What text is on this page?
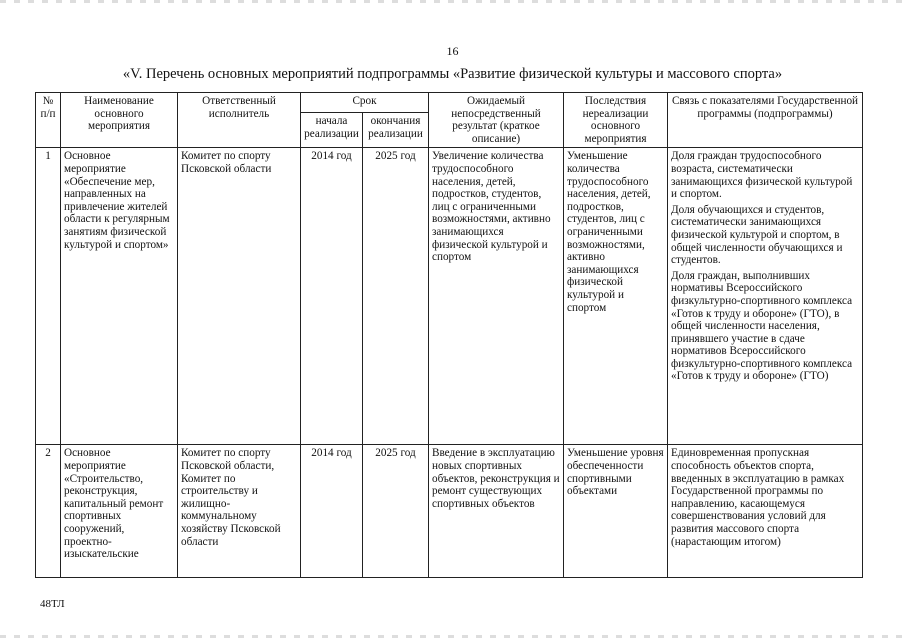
16
«V. Перечень основных мероприятий подпрограммы «Развитие физической культуры и массового спорта»
№ п/п	Наименование основного мероприятия	Ответственный исполнитель	Срок		Ожидаемый непосредственный результат (краткое описание)	Последствия нереализации основного мероприятия	Связь с показателями Государственной программы (подпрограммы)
			начала реализации	окончания реализации			
1	Основное мероприятие «Обеспечение мер, направленных на привлечение жителей области к регулярным занятиям физической культурой и спортом»	Комитет по спорту Псковской области	2014 год	2025 год	Увеличение количества трудоспособного населения, детей, подростков, студентов, лиц с ограниченными возможностями, активно занимающихся физической культурой и спортом	Уменьшение количества трудоспособного населения, детей, подростков, студентов, лиц с ограниченными возможностями, активно занимающихся физической культурой и спортом	Доля граждан трудоспособного возраста, систематически занимающихся физической культурой и спортом.

Доля обучающихся и студентов, систематически занимающихся физической культурой и спортом, в общей численности обучающихся и студентов.

Доля граждан, выполнивших нормативы Всероссийского физкультурно-спортивного комплекса «Готов к труду и обороне» (ГТО), в общей численности населения, принявшего участие в сдаче нормативов Всероссийского физкультурно-спортивного комплекса «Готов к труду и обороне» (ГТО)

2	Основное мероприятие «Строительство, реконструкция, капитальный ремонт спортивных сооружений, проектно-изыскательские	Комитет по спорту Псковской области, Комитет по строительству и жилищно-коммунальному хозяйству Псковской области	2014 год	2025 год	Введение в эксплуатацию новых спортивных объектов, реконструкция и ремонт существующих спортивных объектов	Уменьшение уровня обеспеченности спортивными объектами	Единовременная пропускная способность объектов спорта, введенных в эксплуатацию в рамках Государственной программы по направлению, касающемуся совершенствования условий для развития массового спорта (нарастающим итогом)

48ТЛ
